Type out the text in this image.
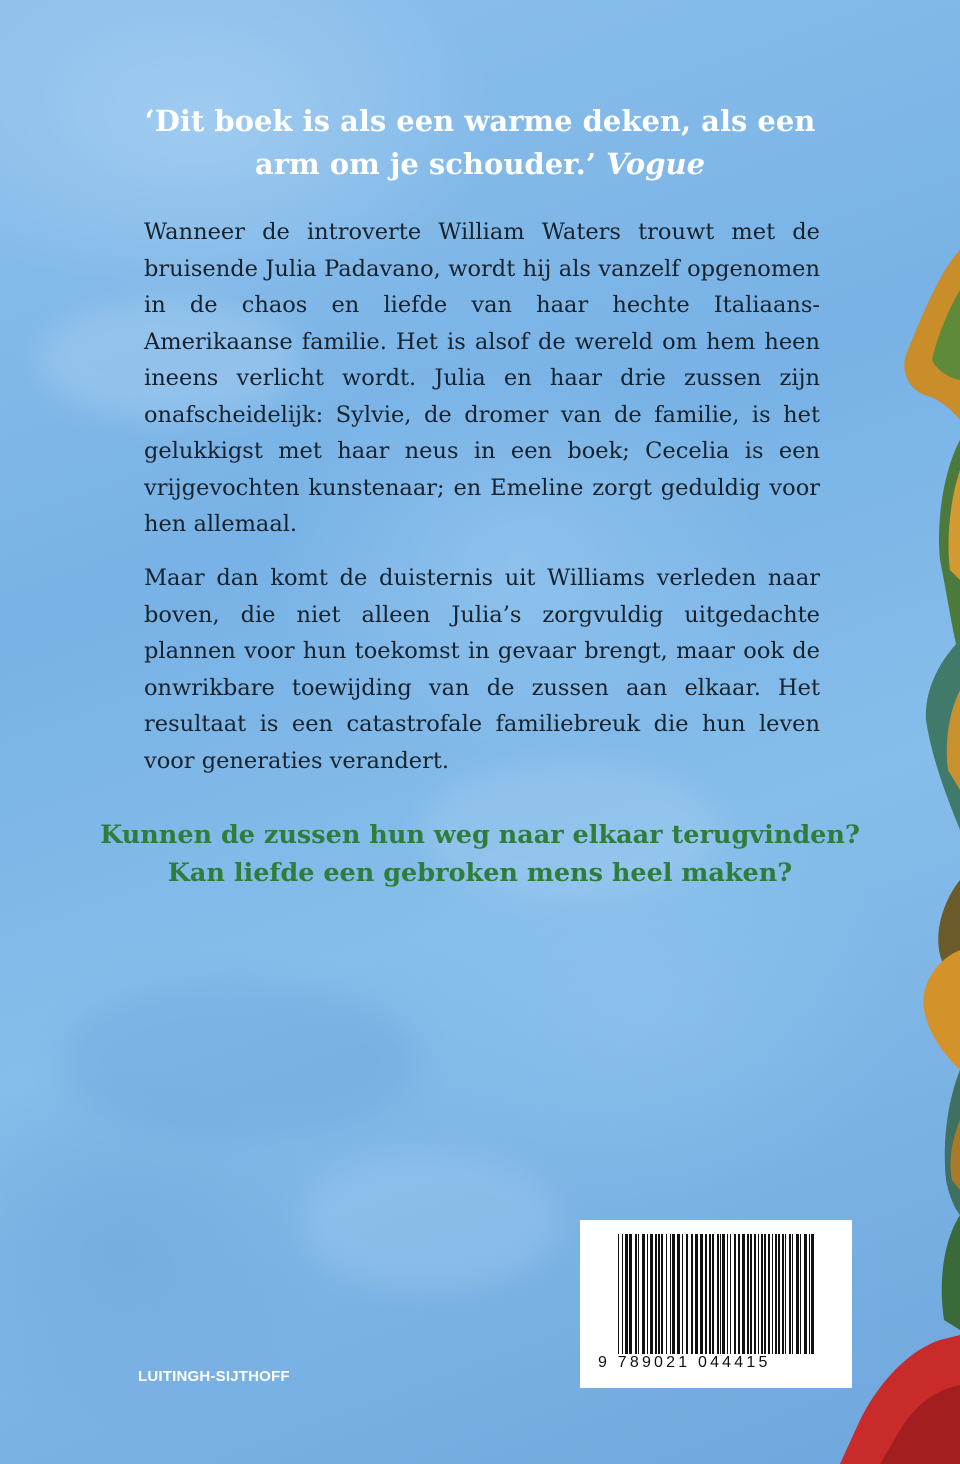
‘Dit boek is als een warme deken, als een
arm om je schouder.’ Vogue

Wanneer de introverte William Waters trouwt met de bruisende Julia Padavano, wordt hij als vanzelf opgenomen in de chaos en liefde van haar hechte Italiaans-Amerikaanse familie. Het is alsof de wereld om hem heen ineens verlicht wordt. Julia en haar drie zussen zijn onafscheidelijk: Sylvie, de dromer van de familie, is het gelukkigst met haar neus in een boek; Cecelia is een vrijgevochten kunstenaar; en Emeline zorgt geduldig voor hen allemaal.

Maar dan komt de duisternis uit Williams verleden naar boven, die niet alleen Julia’s zorgvuldig uitgedachte plannen voor hun toekomst in gevaar brengt, maar ook de onwrikbare toewijding van de zussen aan elkaar. Het resultaat is een catastrofale familiebreuk die hun leven voor generaties verandert.

Kunnen de zussen hun weg naar elkaar terugvinden?
Kan liefde een gebroken mens heel maken?

LUITINGH-SIJTHOFF

9 789021 044415
